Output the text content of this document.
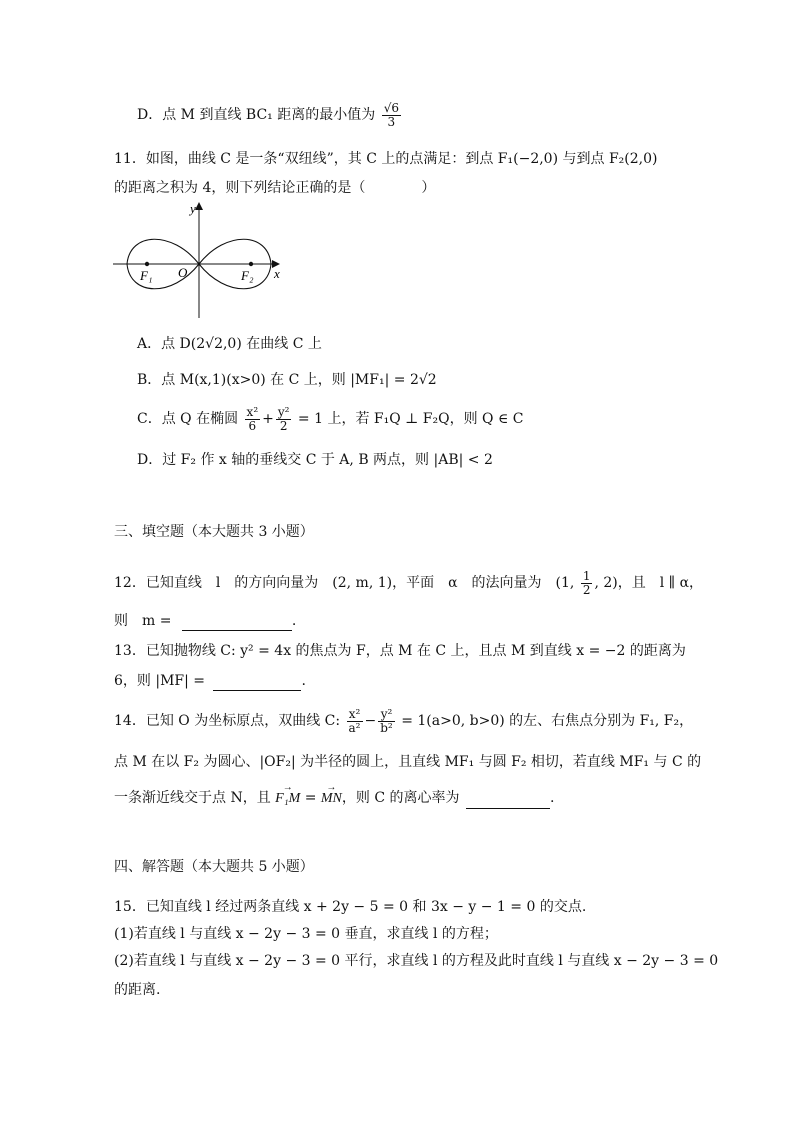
D．点 M 到直线 BC₁ 距离的最小值为 $\frac{√6}{3}$
11．如图，曲线 C 是一条“双纽线”，其 C 上的点满足：到点 F₁(−2,0) 与到点 F₂(2,0)
的距离之积为 4，则下列结论正确的是（　　　　）
y
x
O
F₁	F₂
A．点 D(2√2,0) 在曲线 C 上
B．点 M(x,1)(x>0) 在 C 上，则 |MF₁| = 2√2
C．点 Q 在椭圆 $\frac{\text{x²}}{6} + \frac{\text{y²}}{2} = 1$ 上，若 F₁Q ⊥ F₂Q，则 Q ∈ C
D．过 F₂ 作 x 轴的垂线交 C 于 A, B 两点，则 |AB| < 2
三、填空题（本大题共 3 小题）
12．已知直线　l　的方向向量为　(2, m, 1)，平面　α　的法向量为　(1, $\frac{1}{2}$ , 2)，且　l ∥ α，
则　m =	.
13．已知抛物线 C: y² = 4x 的焦点为 F，点 M 在 C 上，且点 M 到直线 x = −2 的距离为
6，则 |MF| =	.
14．已知 O 为坐标原点，双曲线 C: $\frac{\text{x²}}{\text{a²}} - \frac{\text{y²}}{\text{b²}} = 1(a>0$, b>0) 的左、右焦点分别为 F₁, F₂，
点 M 在以 F₂ 为圆心、|OF₂| 为半径的圆上，且直线 MF₁ 与圆 F₂ 相切，若直线 MF₁ 与 C 的
一条渐近线交于点 N，且 → F₁M = → MN，则 C 的离心率为	.
四、解答题（本大题共 5 小题）
15．已知直线 l 经过两条直线 x + 2y − 5 = 0 和 3x − y − 1 = 0 的交点.
(1)若直线 l 与直线 x − 2y − 3 = 0 垂直，求直线 l 的方程；
(2)若直线 l 与直线 x − 2y − 3 = 0 平行，求直线 l 的方程及此时直线 l 与直线 x − 2y − 3 = 0
的距离.
